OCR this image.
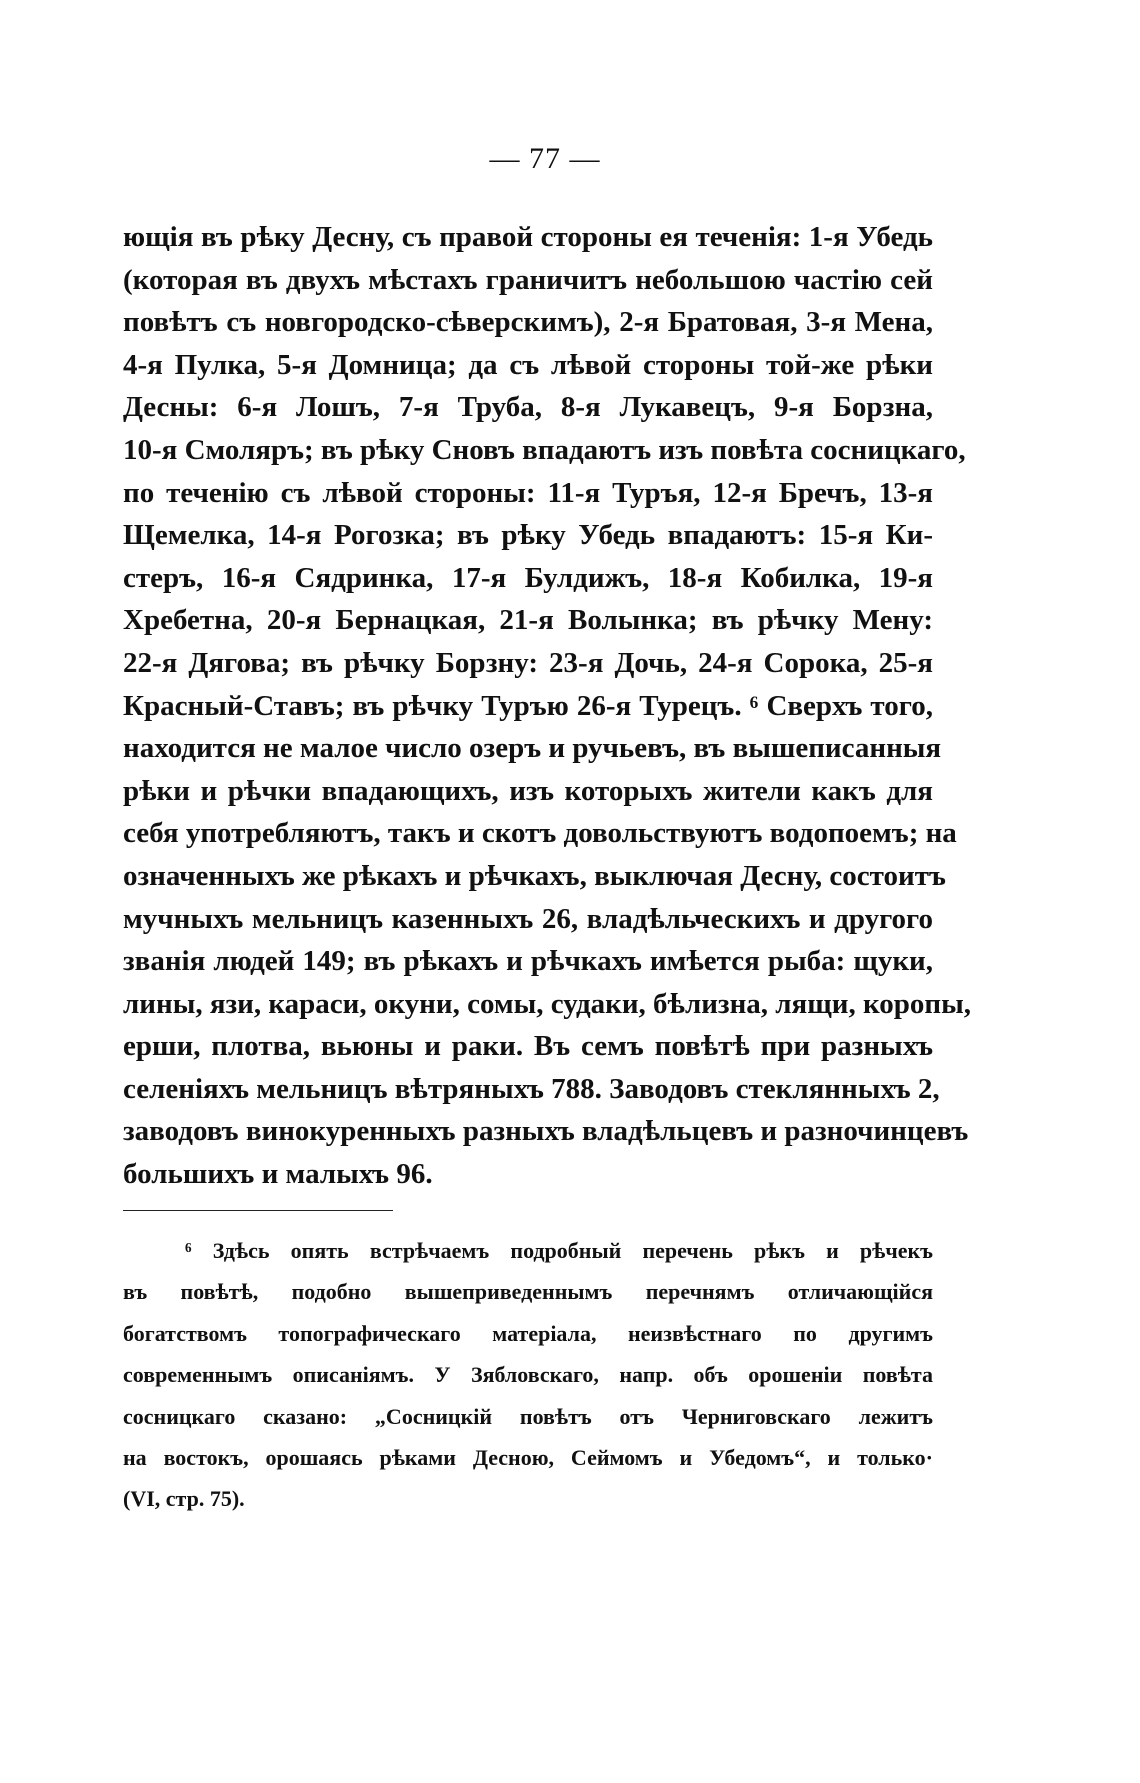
— 77 —
ющія въ рѣку Десну, съ правой стороны ея теченія: 1-я Убедь
(которая въ двухъ мѣстахъ граничитъ небольшою частію сей
повѣтъ съ новгородско-сѣверскимъ), 2-я Братовая, 3-я Мена,
4-я Пулка, 5-я Домница; да съ лѣвой стороны той-же рѣки
Десны: 6-я Лошъ, 7-я Труба, 8-я Лукавецъ, 9-я Борзна,
10-я Смоляръ; въ рѣку Сновъ впадаютъ изъ повѣта сосницкаго,
по теченію съ лѣвой стороны: 11-я Туръя, 12-я Бречъ, 13-я
Щемелка, 14-я Рогозка; въ рѣку Убедь впадаютъ: 15-я Ки-
стеръ, 16-я Сядринка, 17-я Булдижъ, 18-я Кобилка, 19-я
Хребетна, 20-я Бернацкая, 21-я Волынка; въ рѣчку Мену:
22-я Дягова; въ рѣчку Борзну: 23-я Дочь, 24-я Сорока, 25-я
Красный-Ставъ; въ рѣчку Туръю 26-я Турецъ. ⁶ Сверхъ того,
находится не малое число озеръ и ручьевъ, въ вышеписанныя
рѣки и рѣчки впадающихъ, изъ которыхъ жители какъ для
себя употребляютъ, такъ и скотъ довольствуютъ водопоемъ; на
означенныхъ же рѣкахъ и рѣчкахъ, выключая Десну, состоитъ
мучныхъ мельницъ казенныхъ 26, владѣльческихъ и другого
званія людей 149; въ рѣкахъ и рѣчкахъ имѣется рыба: щуки,
лины, язи, караси, окуни, сомы, судаки, бѣлизна, лящи, коропы,
ерши, плотва, вьюны и раки. Въ семъ повѣтѣ при разныхъ
селеніяхъ мельницъ вѣтряныхъ 788. Заводовъ стеклянныхъ 2,
заводовъ винокуренныхъ разныхъ владѣльцевъ и разночинцевъ
большихъ и малыхъ 96.
⁶ Здѣсь опять встрѣчаемъ подробный перечень рѣкъ и рѣчекъ
въ повѣтѣ, подобно вышеприведеннымъ перечнямъ отличающійся
богатствомъ топографическаго матеріала, неизвѣстнаго по другимъ
современнымъ описаніямъ. У Зябловскаго, напр. объ орошеніи повѣта
сосницкаго сказано: „Сосницкій повѣтъ отъ Черниговскаго лежитъ
на востокъ, орошаясь рѣками Десною, Сеймомъ и Убедомъ“, и только·
(VI, стр. 75).
